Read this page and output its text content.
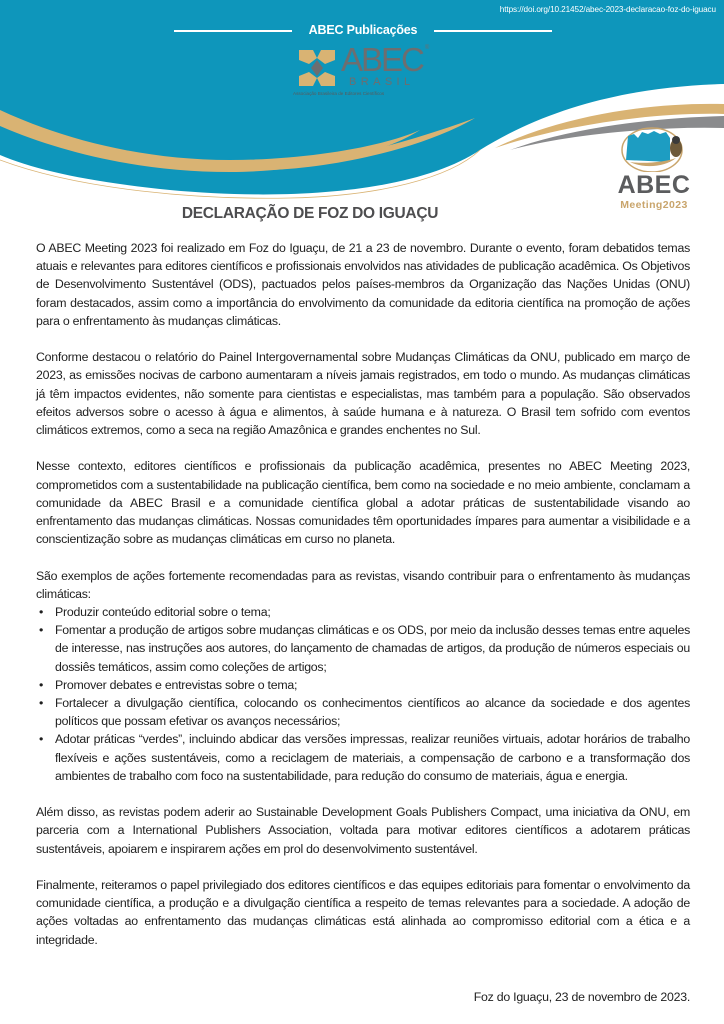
https://doi.org/10.21452/abec-2023-declaracao-foz-do-iguacu
ABEC Publicações
ABEC ®
BRASIL
Associação Brasileira de Editores Científicos
ABEC
Meeting2023
DECLARAÇÃO DE FOZ DO IGUAÇU

O ABEC Meeting 2023 foi realizado em Foz do Iguaçu, de 21 a 23 de novembro. Durante o evento, foram debatidos temas atuais e relevantes para editores científicos e profissionais envolvidos nas atividades de publicação acadêmica. Os Objetivos de Desenvolvimento Sustentável (ODS), pactuados pelos países-membros da Organização das Nações Unidas (ONU) foram destacados, assim como a importância do envolvimento da comunidade da editoria científica na promoção de ações para o enfrentamento às mudanças climáticas.

Conforme destacou o relatório do Painel Intergovernamental sobre Mudanças Climáticas da ONU, publicado em março de 2023, as emissões nocivas de carbono aumentaram a níveis jamais registrados, em todo o mundo. As mudanças climáticas já têm impactos evidentes, não somente para cientistas e especialistas, mas também para a população. São observados efeitos adversos sobre o acesso à água e alimentos, à saúde humana e à natureza. O Brasil tem sofrido com eventos climáticos extremos, como a seca na região Amazônica e grandes enchentes no Sul.

Nesse contexto, editores científicos e profissionais da publicação acadêmica, presentes no ABEC Meeting 2023, comprometidos com a sustentabilidade na publicação científica, bem como na sociedade e no meio ambiente, conclamam a comunidade da ABEC Brasil e a comunidade científica global a adotar práticas de sustentabilidade visando ao enfrentamento das mudanças climáticas. Nossas comunidades têm oportunidades ímpares para aumentar a visibilidade e a conscientização sobre as mudanças climáticas em curso no planeta.

São exemplos de ações fortemente recomendadas para as revistas, visando contribuir para o enfrentamento às mudanças climáticas:

• Produzir conteúdo editorial sobre o tema;
• Fomentar a produção de artigos sobre mudanças climáticas e os ODS, por meio da inclusão desses temas entre aqueles de interesse, nas instruções aos autores, do lançamento de chamadas de artigos, da produção de números especiais ou dossiês temáticos, assim como coleções de artigos;
• Promover debates e entrevistas sobre o tema;
• Fortalecer a divulgação científica, colocando os conhecimentos científicos ao alcance da sociedade e dos agentes políticos que possam efetivar os avanços necessários;
• Adotar práticas “verdes”, incluindo abdicar das versões impressas, realizar reuniões virtuais, adotar horários de trabalho flexíveis e ações sustentáveis, como a reciclagem de materiais, a compensação de carbono e a transformação dos ambientes de trabalho com foco na sustentabilidade, para redução do consumo de materiais, água e energia.

Além disso, as revistas podem aderir ao Sustainable Development Goals Publishers Compact, uma iniciativa da ONU, em parceria com a International Publishers Association, voltada para motivar editores científicos a adotarem práticas sustentáveis, apoiarem e inspirarem ações em prol do desenvolvimento sustentável.

Finalmente, reiteramos o papel privilegiado dos editores científicos e das equipes editoriais para fomentar o envolvimento da comunidade científica, a produção e a divulgação científica a respeito de temas relevantes para a sociedade. A adoção de ações voltadas ao enfrentamento das mudanças climáticas está alinhada ao compromisso editorial com a ética e a integridade.

Foz do Iguaçu, 23 de novembro de 2023.
